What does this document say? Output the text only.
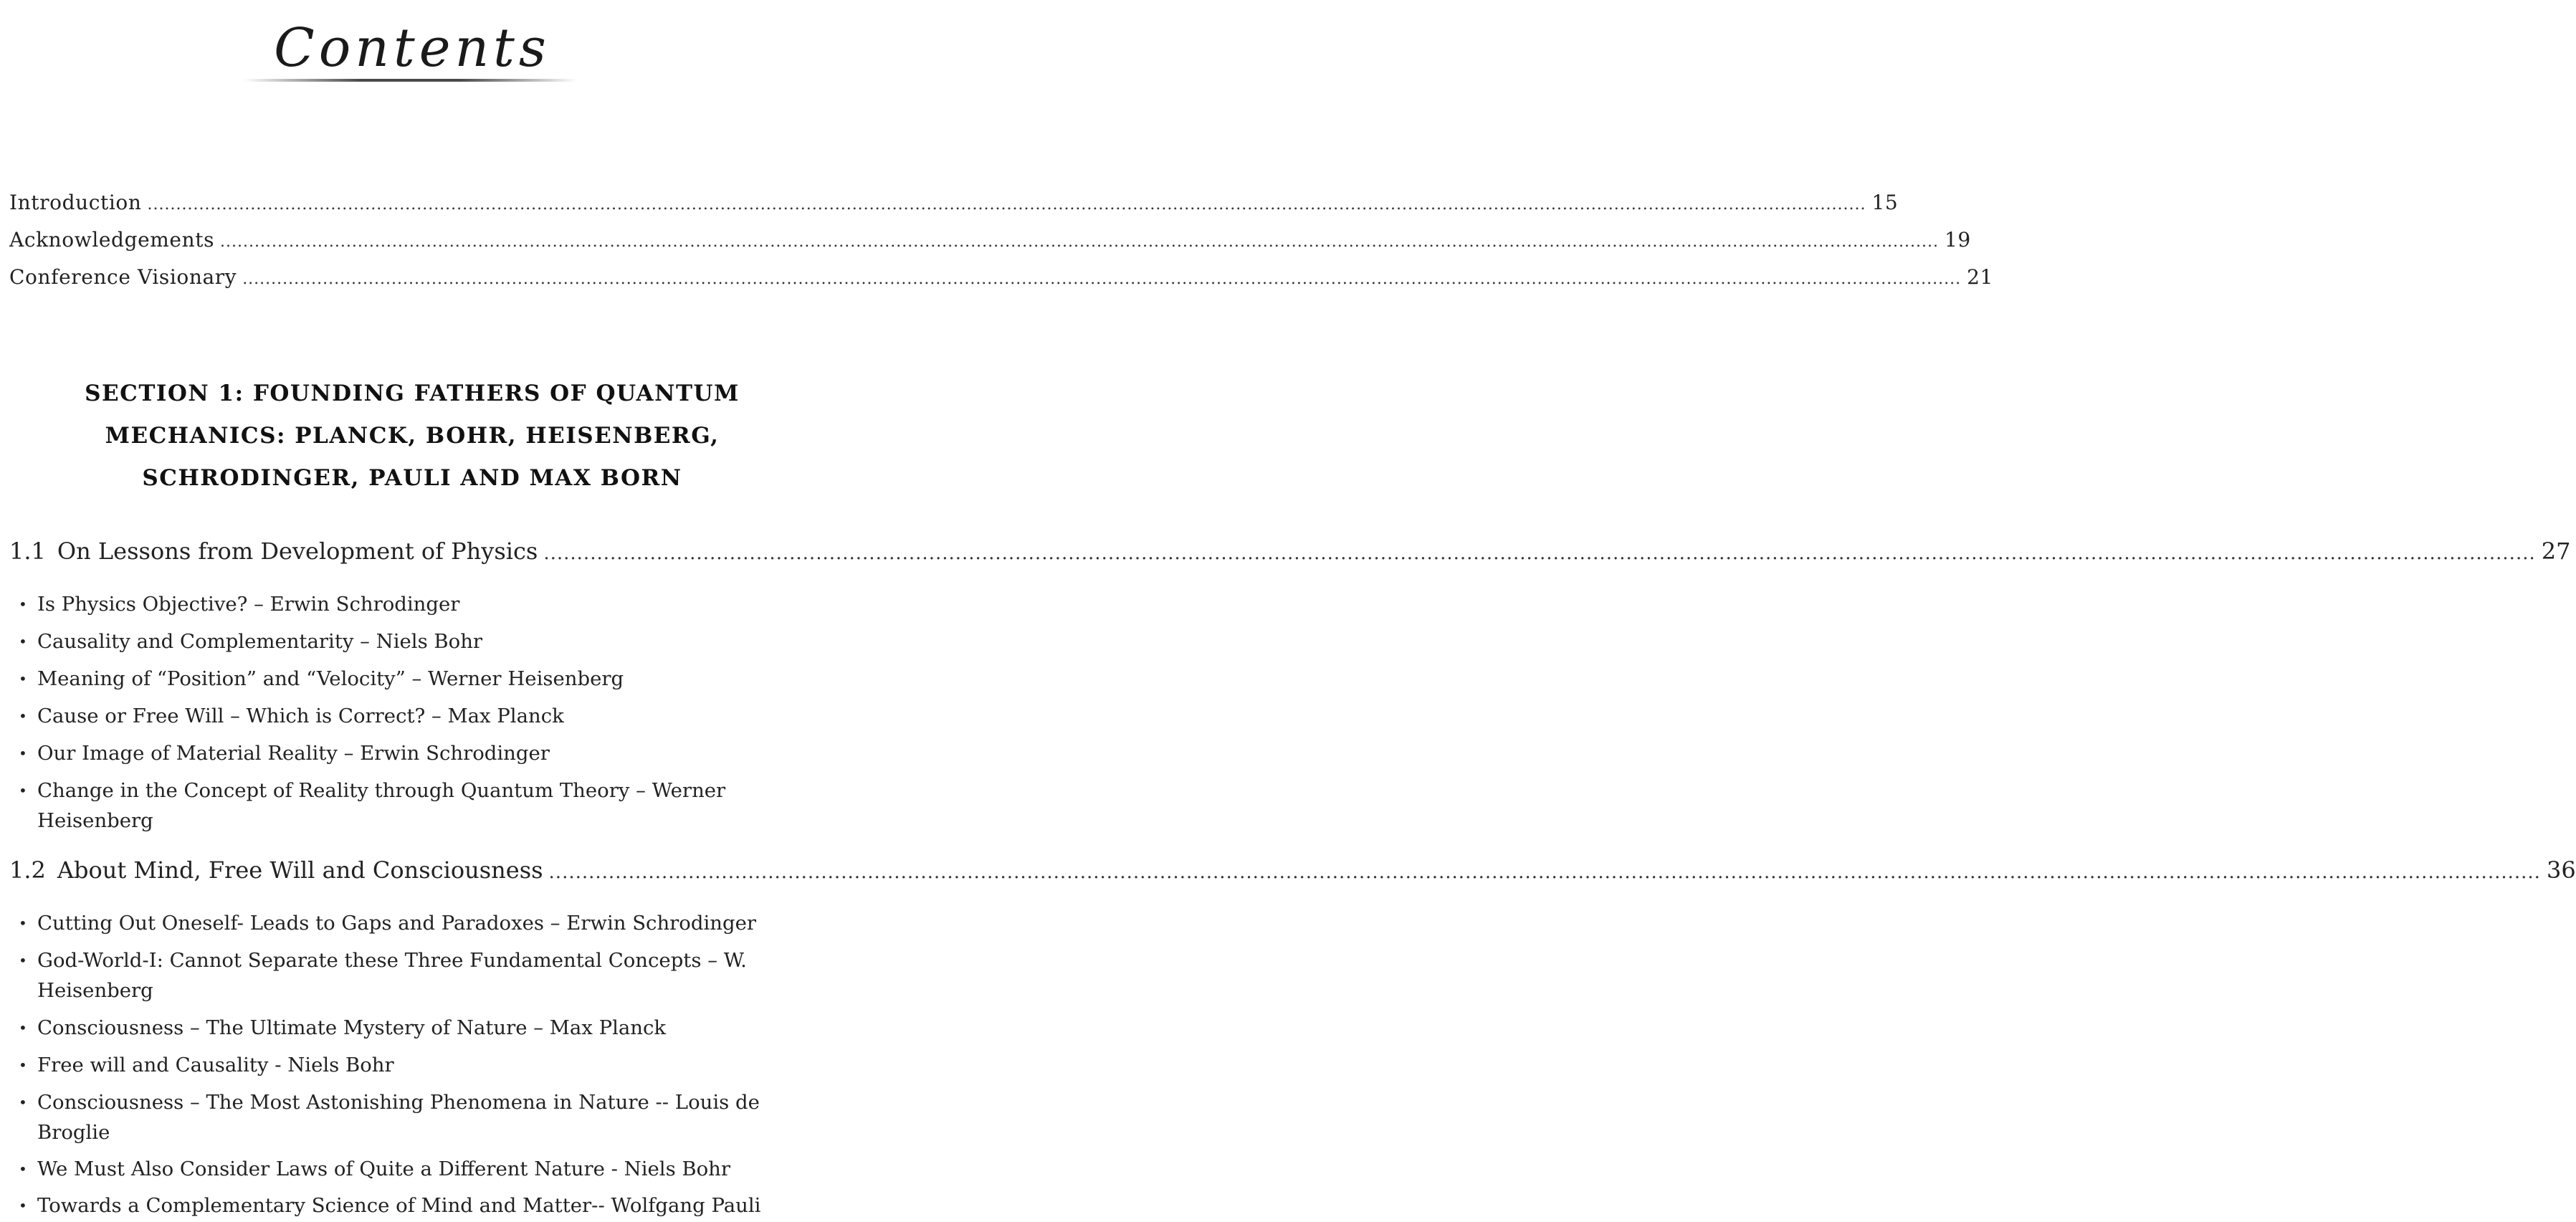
Contents
Introduction ............................................................................................................................................................................................................................................................................................................ 15
Acknowledgements ............................................................................................................................................................................................................................................................................................................ 19
Conference Visionary ............................................................................................................................................................................................................................................................................................................ 21
SECTION 1: FOUNDING FATHERS OF QUANTUM
MECHANICS: PLANCK, BOHR, HEISENBERG,
SCHRODINGER, PAULI AND MAX BORN
1.1 On Lessons from Development of Physics ............................................................................................................................................................................................................................................................................................................ 27
• Is Physics Objective? – Erwin Schrodinger
• Causality and Complementarity – Niels Bohr
• Meaning of “Position” and “Velocity” – Werner Heisenberg
• Cause or Free Will – Which is Correct? – Max Planck
• Our Image of Material Reality – Erwin Schrodinger
• Change in the Concept of Reality through Quantum Theory – Werner Heisenberg
1.2 About Mind, Free Will and Consciousness ............................................................................................................................................................................................................................................................................................................ 36
• Cutting Out Oneself- Leads to Gaps and Paradoxes – Erwin Schrodinger
• God-World-I: Cannot Separate these Three Fundamental Concepts – W. Heisenberg
• Consciousness – The Ultimate Mystery of Nature – Max Planck
• Free will and Causality - Niels Bohr
• Consciousness – The Most Astonishing Phenomena in Nature -- Louis de Broglie
• We Must Also Consider Laws of Quite a Different Nature - Niels Bohr
• Towards a Complementary Science of Mind and Matter-- Wolfgang Pauli
